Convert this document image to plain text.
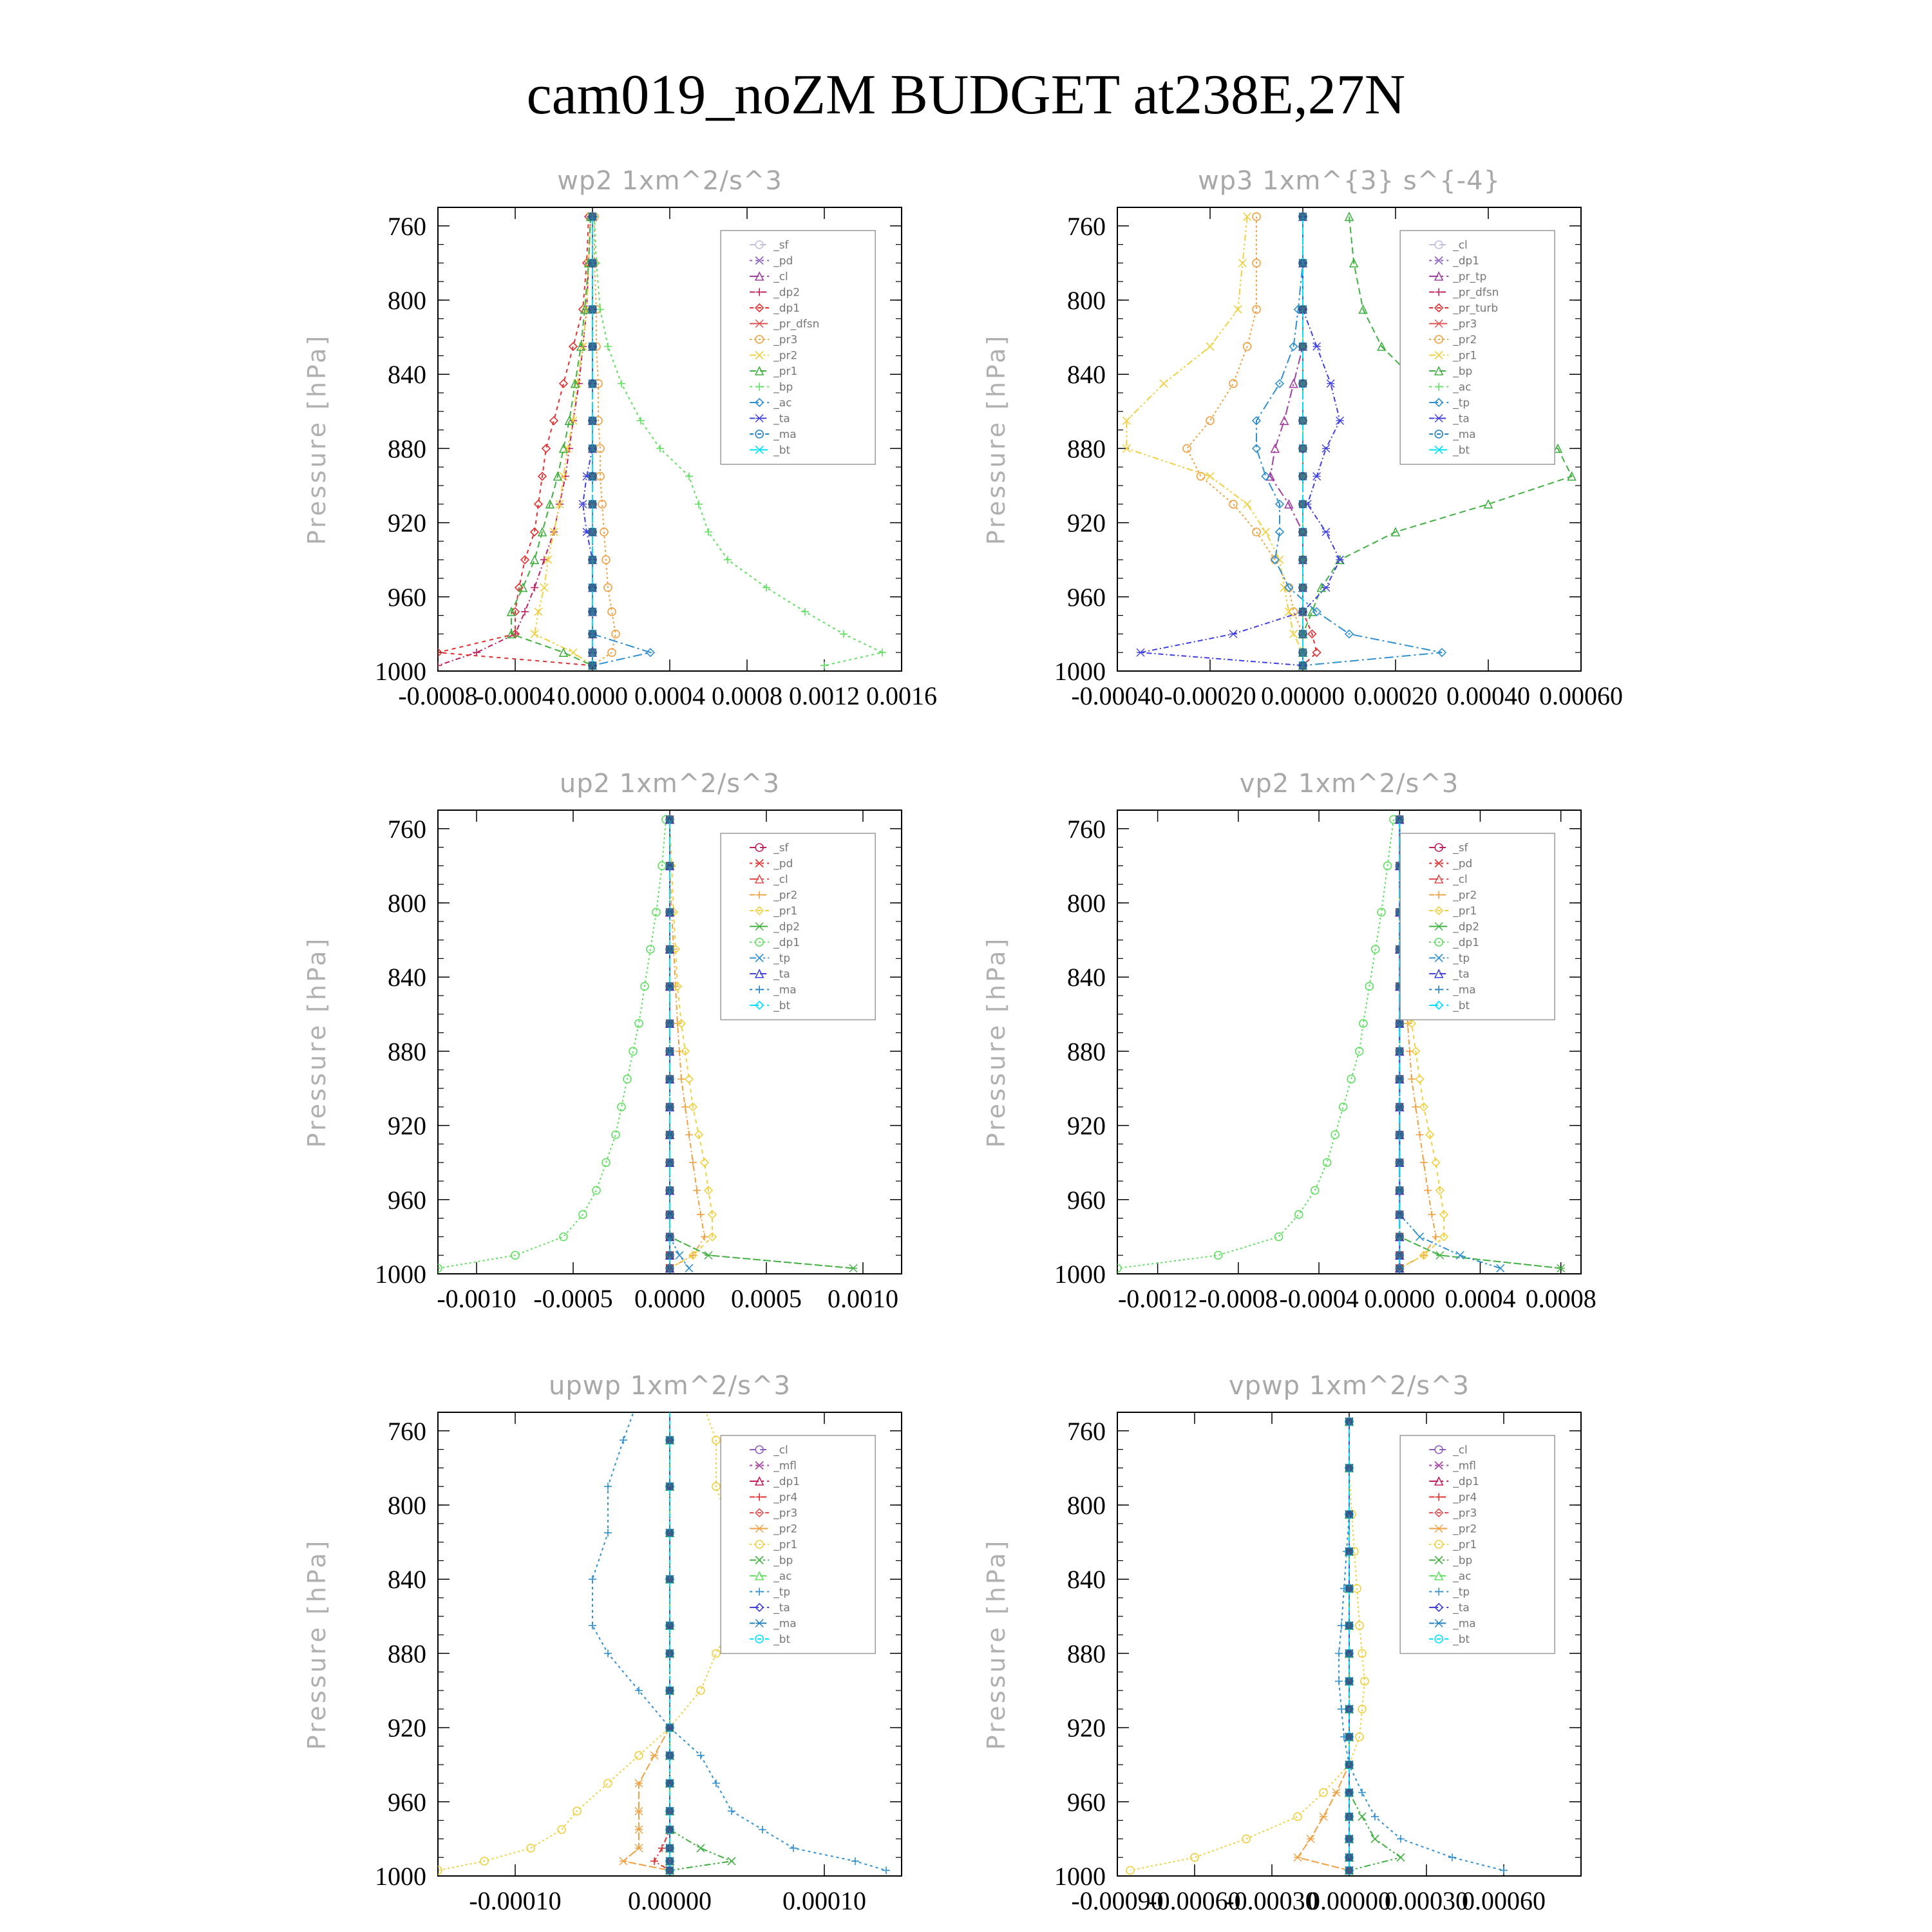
cam019_noZM BUDGET at238E,27N
wp2 1xm^2/s^3
Pressure [hPa]
760
800
840
880
920
960
1000
-0.0008
-0.0004 0.0000 0.0004 0.0008 0.0012 0.0016
_sf
_pd
_cl
_dp2
_dp1
_pr_dfsn
_pr3
_pr2
_pr1
_bp
_ac
_ta
_ma
_bt
wp3 1xm^{3} s^{-4}
Pressure [hPa]
760
800
840
880
920
960
1000
-0.00040 -0.00020 0.00000 0.00020 0.00040 0.00060
_cl
_dp1
_pr_tp
_pr_dfsn
_pr_turb
_pr3
_pr2
_pr1
_bp
_ac
_tp
_ta
_ma
_bt
up2 1xm^2/s^3
Pressure [hPa]
760
800
840
880
920
960
1000
-0.0010 -0.0005 0.0000 0.0005 0.0010
_sf
_pd
_cl
_pr2
_pr1
_dp2
_dp1
_tp
_ta
_ma
_bt
vp2 1xm^2/s^3
Pressure [hPa]
760
800
840
880
920
960
1000
-0.0012 -0.0008 -0.0004 0.0000 0.0004 0.0008
_sf
_pd
_cl
_pr2
_pr1
_dp2
_dp1
_tp
_ta
_ma
_bt
upwp 1xm^2/s^3
Pressure [hPa]
760
800
840
880
920
960
1000
-0.00010	0.00000	0.00010
_cl
_mfl
_dp1
_pr4
_pr3
_pr2
_pr1
_bp
_ac
_tp
_ta
_ma
_bt
vpwp 1xm^2/s^3
Pressure [hPa]
760
800
840
880
920
960
1000
-0.00090
-0.00060
-0.00030
0.00000
0.00030
0.00060
_cl
_mfl
_dp1
_pr4
_pr3
_pr2
_pr1
_bp
_ac
_tp
_ta
_ma
_bt
